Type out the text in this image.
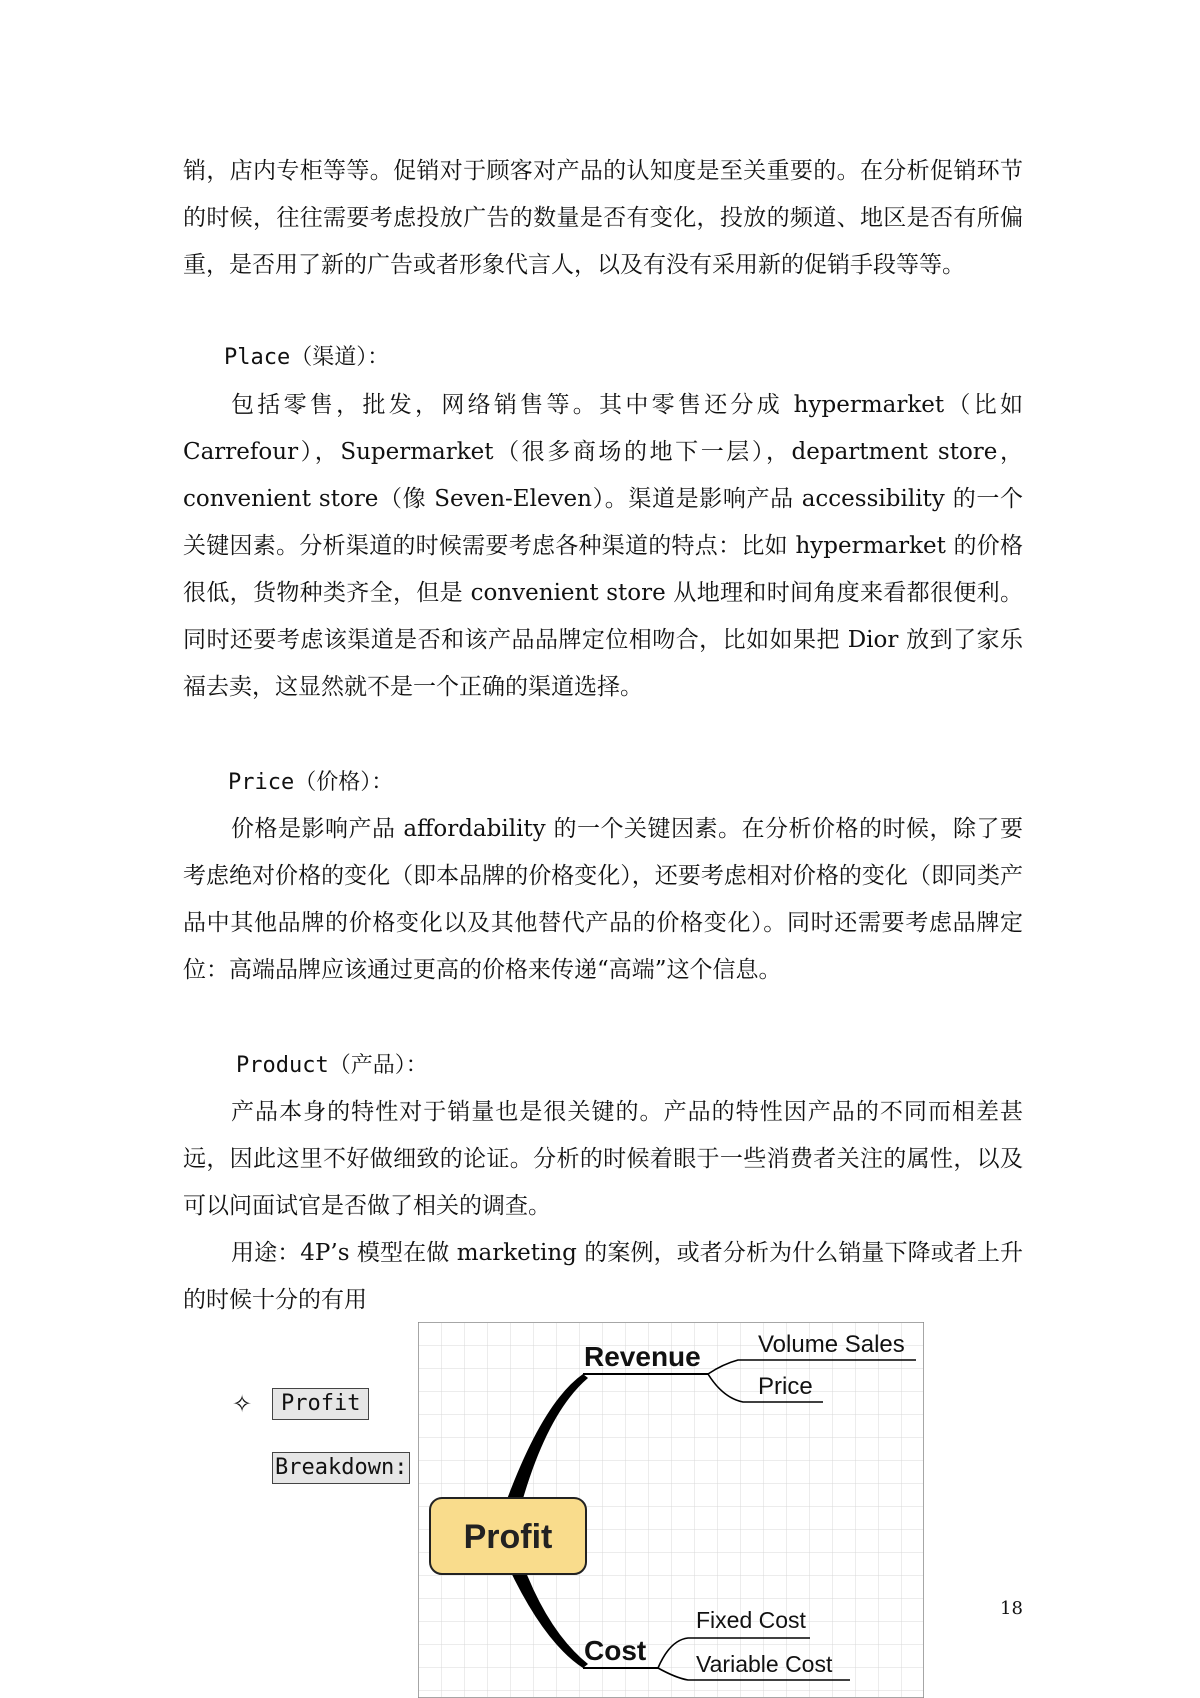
销，店内专柜等等。促销对于顾客对产品的认知度是至关重要的。在分析促销环节的时候，往往需要考虑投放广告的数量是否有变化，投放的频道、地区是否有所偏重，是否用了新的广告或者形象代言人，以及有没有采用新的促销手段等等。

Place（渠道）：

包括零售，批发，网络销售等。其中零售还分成 hypermarket（比如 Carrefour），Supermarket（很多商场的地下一层），department store，convenient store（像 Seven-Eleven）。渠道是影响产品 accessibility 的一个关键因素。分析渠道的时候需要考虑各种渠道的特点：比如 hypermarket 的价格很低，货物种类齐全，但是 convenient store 从地理和时间角度来看都很便利。同时还要考虑该渠道是否和该产品品牌定位相吻合，比如如果把 Dior 放到了家乐福去卖，这显然就不是一个正确的渠道选择。

Price（价格）：

价格是影响产品 affordability 的一个关键因素。在分析价格的时候，除了要考虑绝对价格的变化（即本品牌的价格变化），还要考虑相对价格的变化（即同类产品中其他品牌的价格变化以及其他替代产品的价格变化）。同时还需要考虑品牌定位：高端品牌应该通过更高的价格来传递“高端”这个信息。

Product（产品）：

产品本身的特性对于销量也是很关键的。产品的特性因产品的不同而相差甚远，因此这里不好做细致的论证。分析的时候着眼于一些消费者关注的属性，以及可以问面试官是否做了相关的调查。

用途：4P’s 模型在做 marketing 的案例，或者分析为什么销量下降或者上升的时候十分的有用

✧	Profit
Breakdown:
Profit
Revenue Volume Sales
Price
Cost
Fixed Cost
Variable Cost
18
